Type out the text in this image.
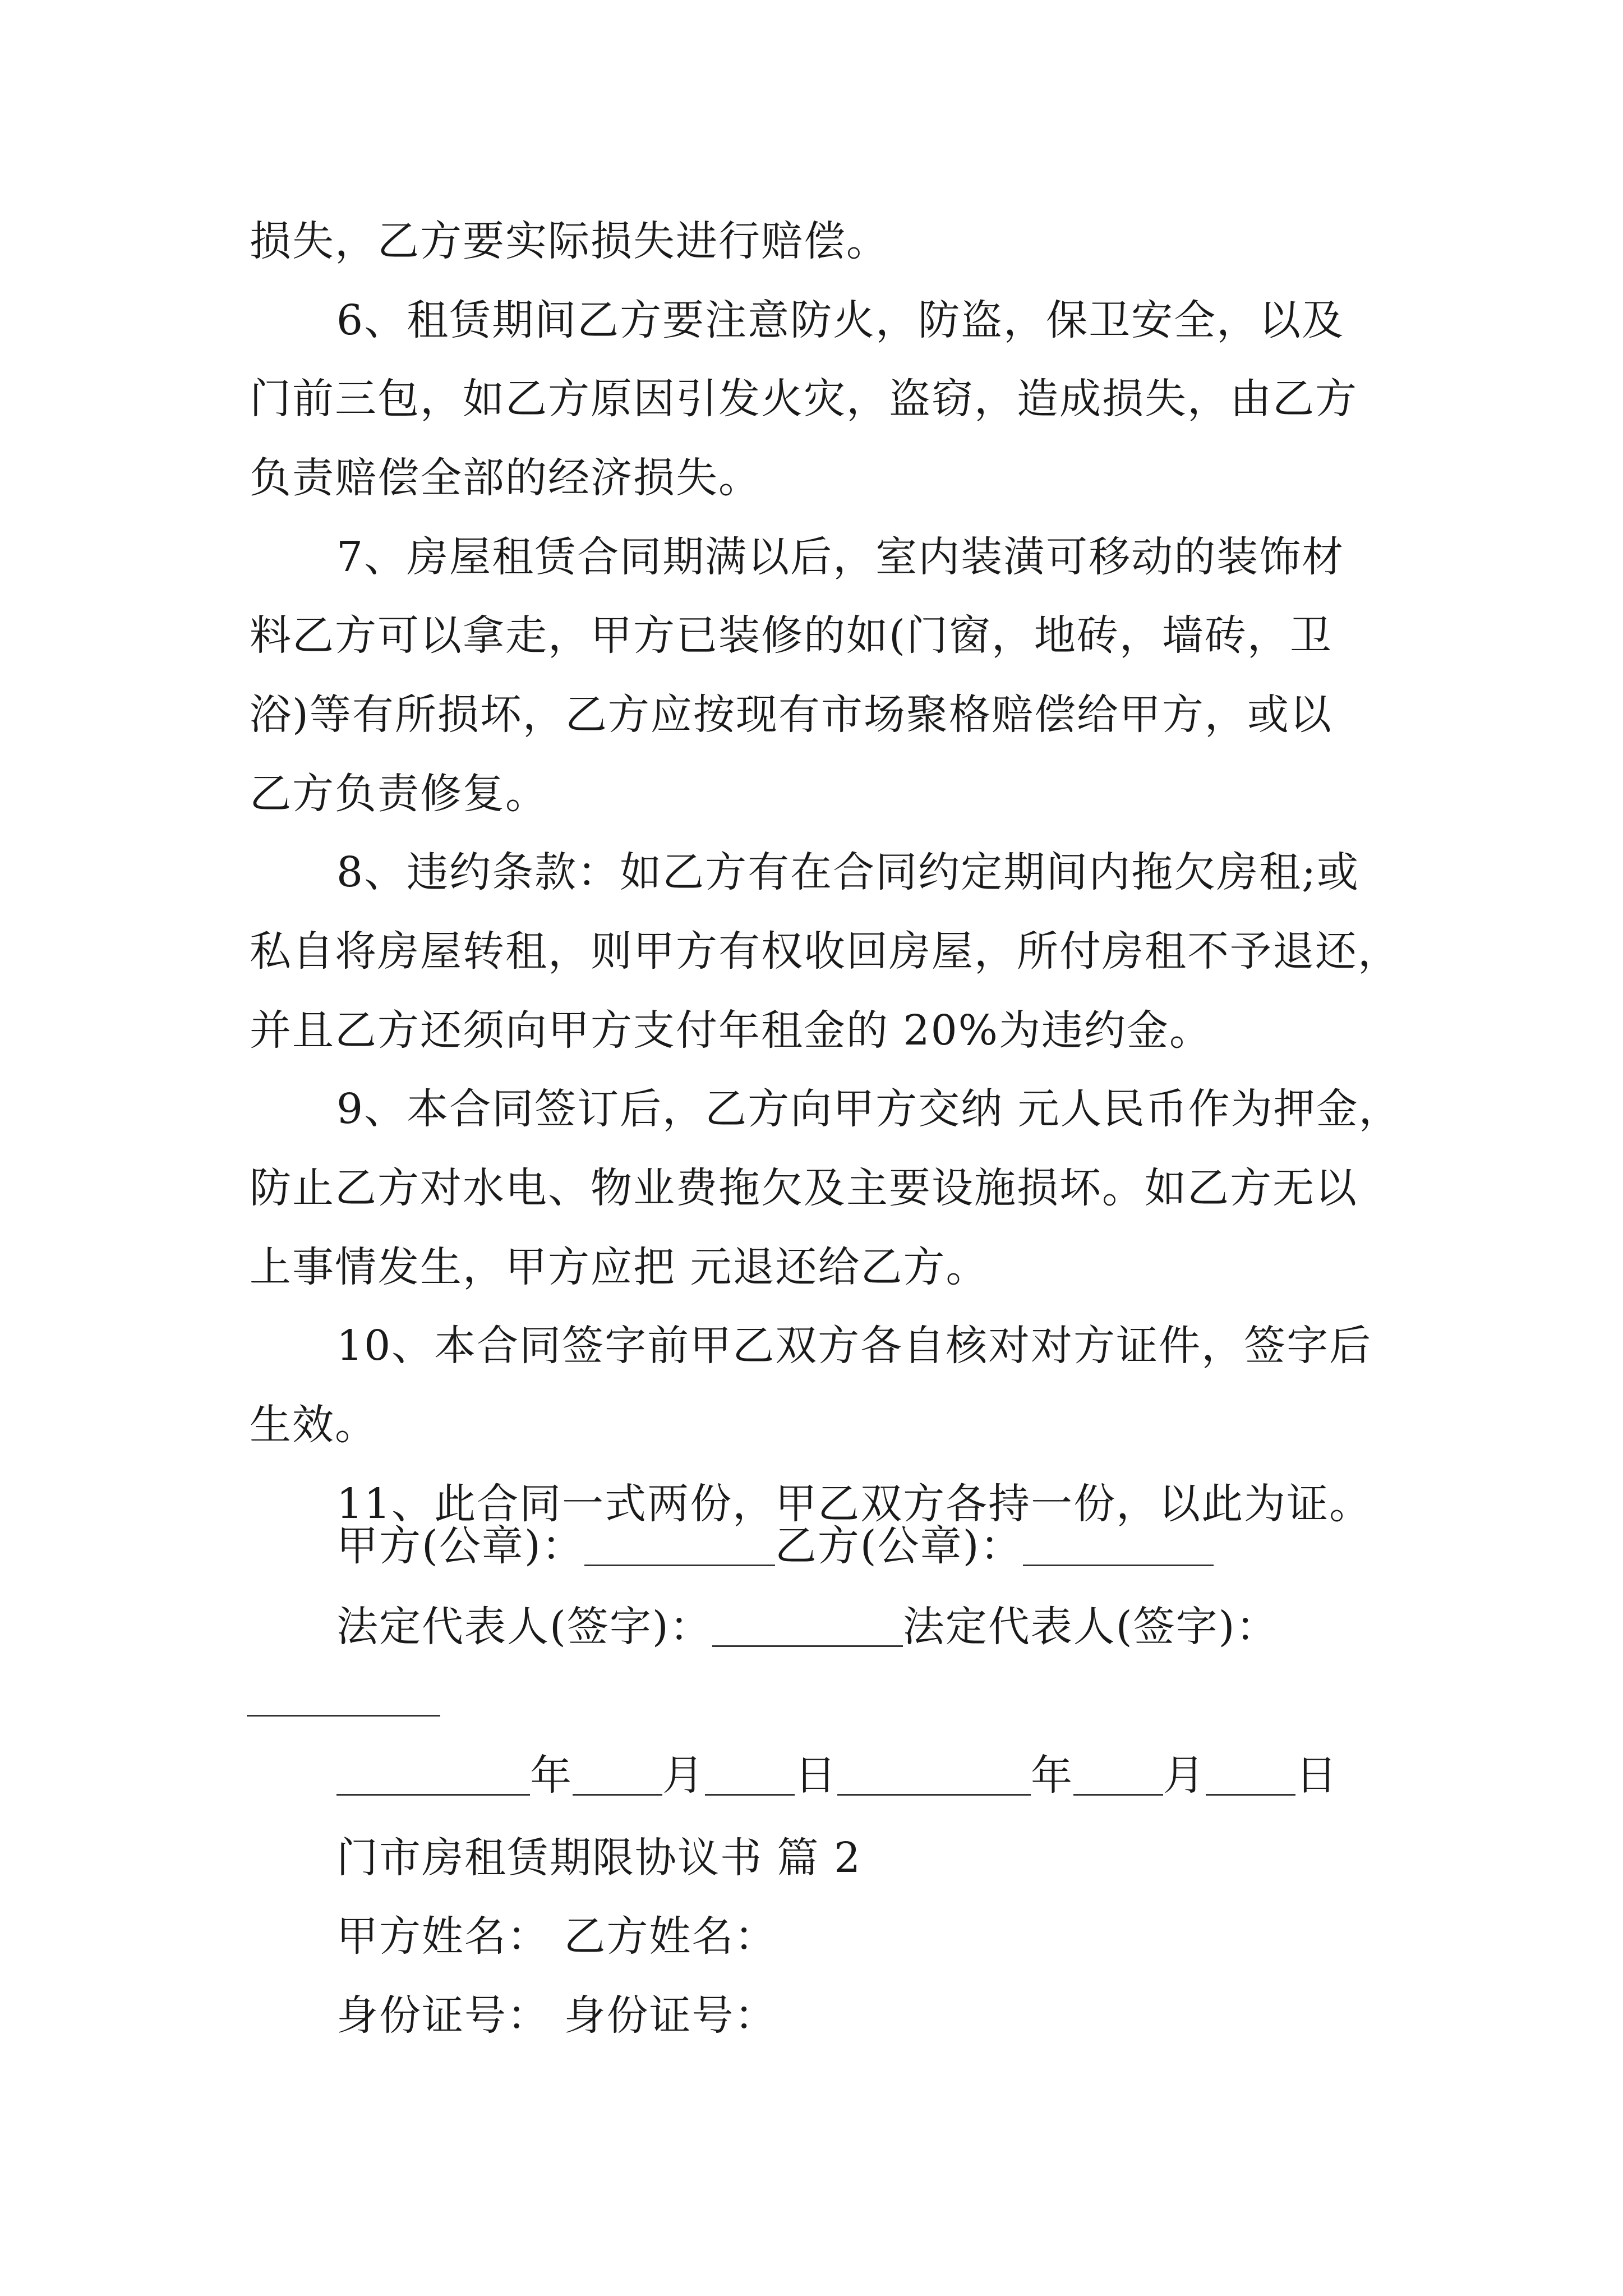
损失，乙方要实际损失进行赔偿。
6、租赁期间乙方要注意防火，防盗，保卫安全，以及
门前三包，如乙方原因引发火灾，盗窃，造成损失，由乙方
负责赔偿全部的经济损失。
7、房屋租赁合同期满以后，室内装潢可移动的装饰材
料乙方可以拿走，甲方已装修的如(门窗，地砖，墙砖，卫
浴)等有所损坏，乙方应按现有市场聚格赔偿给甲方，或以
乙方负责修复。
8、违约条款：如乙方有在合同约定期间内拖欠房租;或
私自将房屋转租，则甲方有权收回房屋，所付房租不予退还，
并且乙方还须向甲方支付年租金的 20%为违约金。
9、本合同签订后，乙方向甲方交纳 元人民币作为押金，
防止乙方对水电、物业费拖欠及主要设施损坏。如乙方无以
上事情发生，甲方应把 元退还给乙方。
10、本合同签字前甲乙双方各自核对对方证件，签字后
生效。
11、此合同一式两份，甲乙双方各持一份，以此为证。
甲方(公章)：	乙方(公章)：
法定代表人(签字)：	法定代表人(签字)：
年 月 日	年 月 日
门市房租赁期限协议书 篇 2
甲方姓名： 乙方姓名：
身份证号： 身份证号：
